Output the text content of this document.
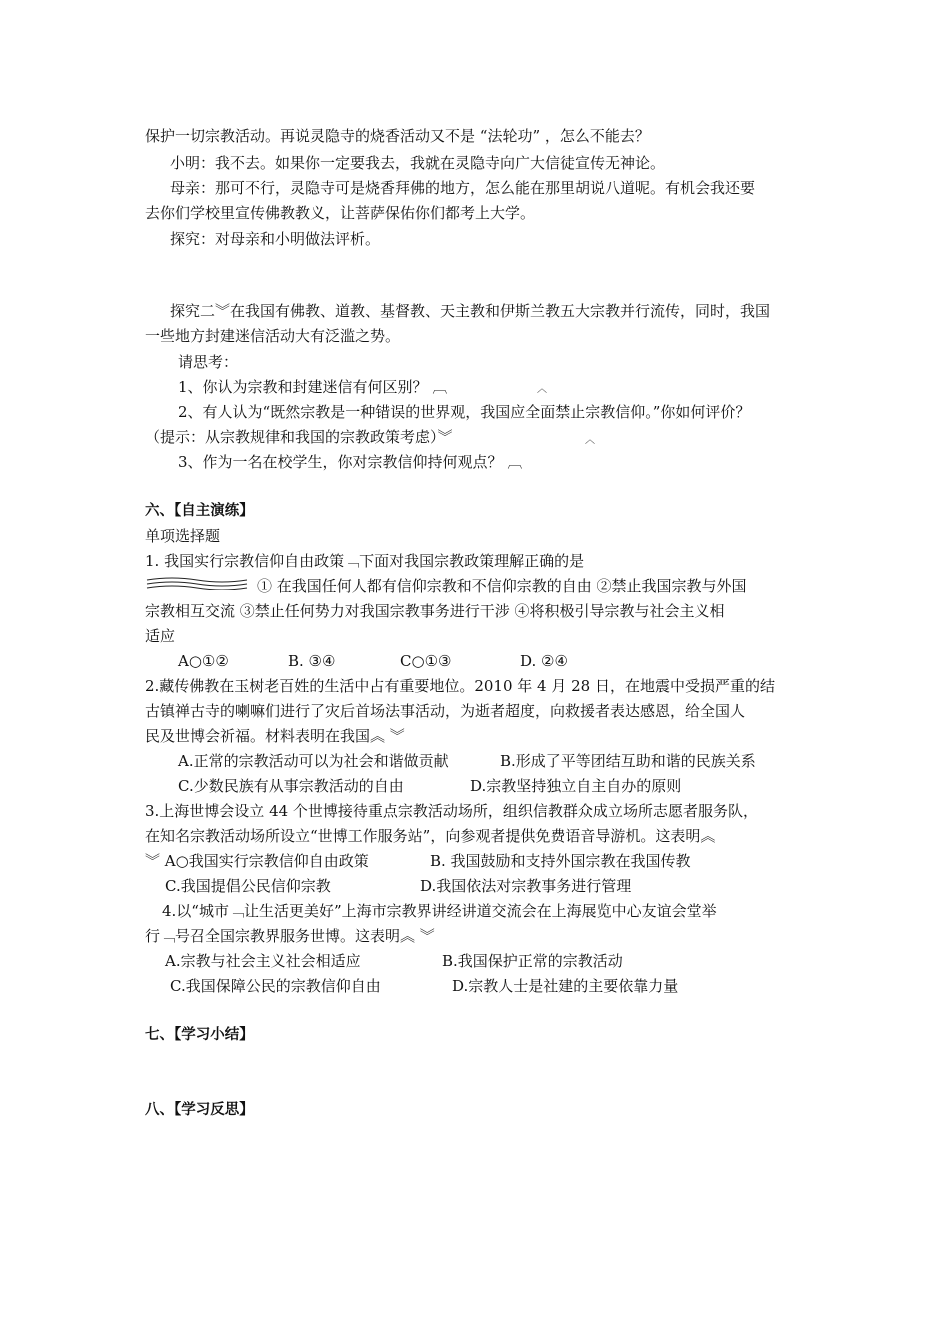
保护一切宗教活动。再说灵隐寺的烧香活动又不是 “法轮功” ，怎么不能去？
小明：我不去。如果你一定要我去，我就在灵隐寺向广大信徒宣传无神论。
母亲：那可不行，灵隐寺可是烧香拜佛的地方，怎么能在那里胡说八道呢。有机会我还要
去你们学校里宣传佛教教义，让菩萨保佑你们都考上大学。
探究：对母亲和小明做法评析。
探究二︾在我国有佛教、道教、基督教、天主教和伊斯兰教五大宗教并行流传，同时，我国
一些地方封建迷信活动大有泛滥之势。
请思考：
1、你认为宗教和封建迷信有何区别？ ︹	︿
2、有人认为“既然宗教是一种错误的世界观，我国应全面禁止宗教信仰。”你如何评价？
（提示：从宗教规律和我国的宗教政策考虑）︾	︿
3、作为一名在校学生，你对宗教信仰持何观点？ ︹
六、【自主演练】
单项选择题
1. 我国实行宗教信仰自由政策﹁下面对我国宗教政策理解正确的是
① 在我国任何人都有信仰宗教和不信仰宗教的自由 ②禁止我国宗教与外国
宗教相互交流 ③禁止任何势力对我国宗教事务进行干涉 ④将积极引导宗教与社会主义相
适应
A○①②	B. ③④	C○①③	D. ②④
2.藏传佛教在玉树老百姓的生活中占有重要地位。2010 年 4 月 28 日，在地震中受损严重的结
古镇禅古寺的喇嘛们进行了灾后首场法事活动，为逝者超度，向救援者表达感恩，给全国人
民及世博会祈福。材料表明在我国︽ ︾
A.正常的宗教活动可以为社会和谐做贡献	B.形成了平等团结互助和谐的民族关系
C.少数民族有从事宗教活动的自由	D.宗教坚持独立自主自办的原则
3.上海世博会设立 44 个世博接待重点宗教活动场所，组织信教群众成立场所志愿者服务队，
在知名宗教活动场所设立“世博工作服务站”，向参观者提供免费语音导游机。这表明︽
︾ A○我国实行宗教信仰自由政策	B. 我国鼓励和支持外国宗教在我国传教
C.我国提倡公民信仰宗教	D.我国依法对宗教事务进行管理
4.以“城市﹁让生活更美好”上海市宗教界讲经讲道交流会在上海展览中心友谊会堂举
行﹁号召全国宗教界服务世博。这表明︽ ︾
A.宗教与社会主义社会相适应	B.我国保护正常的宗教活动
C.我国保障公民的宗教信仰自由	D.宗教人士是社建的主要依靠力量
七、【学习小结】
八、【学习反思】
